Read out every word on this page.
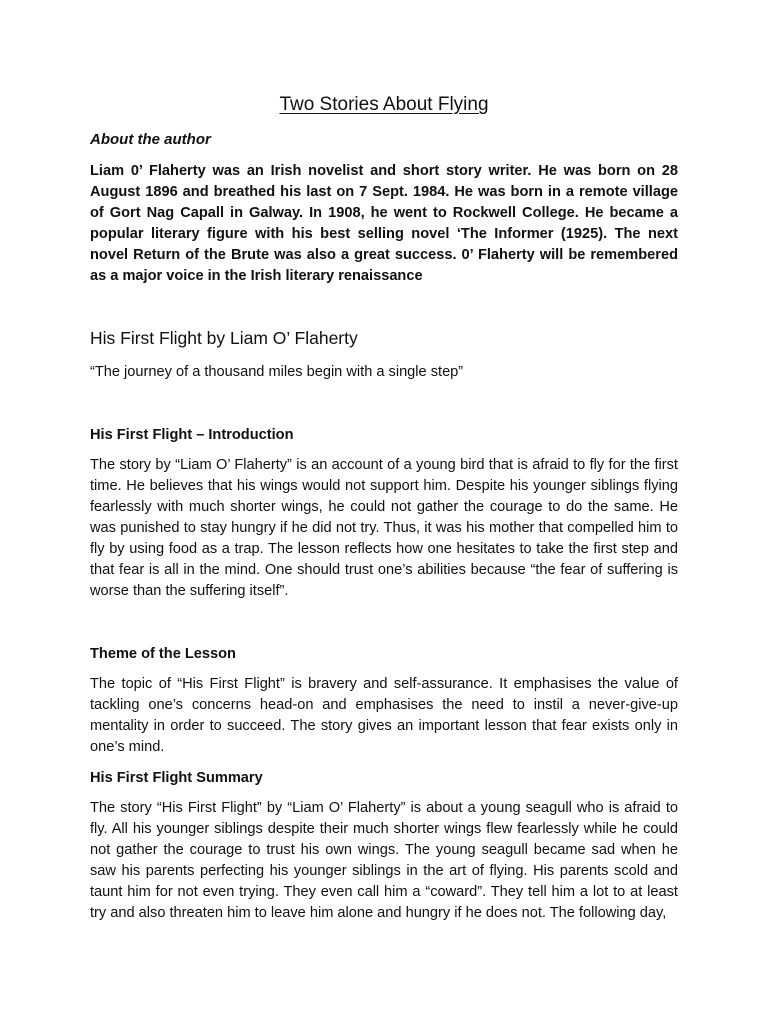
Two Stories About Flying
About the author

Liam 0’ Flaherty was an Irish novelist and short story writer. He was born on 28 August 1896 and breathed his last on 7 Sept. 1984. He was born in a remote village of Gort Nag Capall in Galway. In 1908, he went to Rockwell College. He became a popular literary figure with his best selling novel ‘The Informer (1925). The next novel Return of the Brute was also a great success. 0’ Flaherty will be remembered as a major voice in the Irish literary renaissance

His First Flight by Liam O’ Flaherty

“The journey of a thousand miles begin with a single step”

His First Flight – Introduction

The story by “Liam O’ Flaherty” is an account of a young bird that is afraid to fly for the first time. He believes that his wings would not support him. Despite his younger siblings flying fearlessly with much shorter wings, he could not gather the courage to do the same. He was punished to stay hungry if he did not try. Thus, it was his mother that compelled him to fly by using food as a trap. The lesson reflects how one hesitates to take the first step and that fear is all in the mind. One should trust one’s abilities because “the fear of suffering is worse than the suffering itself”.

Theme of the Lesson

The topic of “His First Flight” is bravery and self-assurance. It emphasises the value of tackling one’s concerns head-on and emphasises the need to instil a never-give-up mentality in order to succeed. The story gives an important lesson that fear exists only in one’s mind.

His First Flight Summary

The story “His First Flight” by “Liam O’ Flaherty” is about a young seagull who is afraid to fly. All his younger siblings despite their much shorter wings flew fearlessly while he could not gather the courage to trust his own wings. The young seagull became sad when he saw his parents perfecting his younger siblings in the art of flying. His parents scold and taunt him for not even trying. They even call him a “coward”. They tell him a lot to at least try and also threaten him to leave him alone and hungry if he does not. The following day,
